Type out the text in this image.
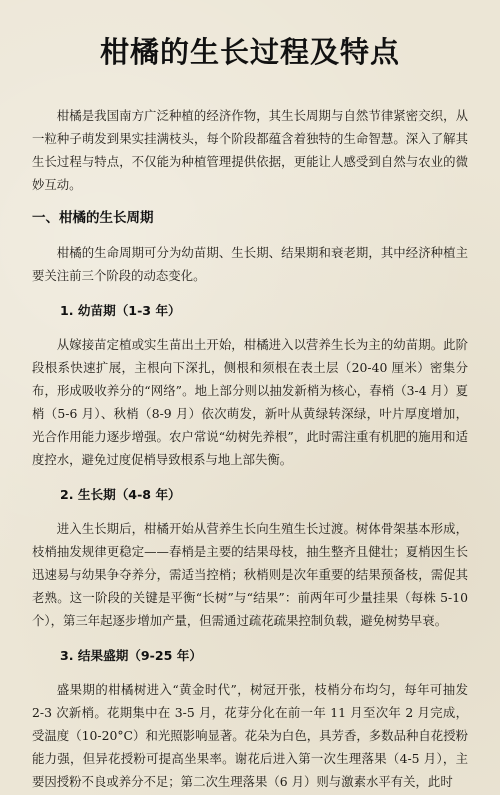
柑橘的生长过程及特点

柑橘是我国南方广泛种植的经济作物，其生长周期与自然节律紧密交织，从一粒种子萌发到果实挂满枝头，每个阶段都蕴含着独特的生命智慧。深入了解其生长过程与特点，不仅能为种植管理提供依据，更能让人感受到自然与农业的微妙互动。

一、柑橘的生长周期

柑橘的生命周期可分为幼苗期、生长期、结果期和衰老期，其中经济种植主要关注前三个阶段的动态变化。

1. 幼苗期（1-3 年）

从嫁接苗定植或实生苗出土开始，柑橘进入以营养生长为主的幼苗期。此阶段根系快速扩展，主根向下深扎，侧根和须根在表土层（20-40 厘米）密集分布，形成吸收养分的“网络”。地上部分则以抽发新梢为核心，春梢（3-4 月）夏梢（5-6 月）、秋梢（8-9 月）依次萌发，新叶从黄绿转深绿，叶片厚度增加，光合作用能力逐步增强。农户常说“幼树先养根”，此时需注重有机肥的施用和适度控水，避免过度促梢导致根系与地上部失衡。

2. 生长期（4-8 年）

进入生长期后，柑橘开始从营养生长向生殖生长过渡。树体骨架基本形成，枝梢抽发规律更稳定——春梢是主要的结果母枝，抽生整齐且健壮；夏梢因生长迅速易与幼果争夺养分，需适当控梢；秋梢则是次年重要的结果预备枝，需促其老熟。这一阶段的关键是平衡“长树”与“结果”：前两年可少量挂果（每株 5-10 个），第三年起逐步增加产量，但需通过疏花疏果控制负载，避免树势早衰。

3. 结果盛期（9-25 年）

盛果期的柑橘树进入“黄金时代”，树冠开张，枝梢分布均匀，每年可抽发 2-3 次新梢。花期集中在 3-5 月，花芽分化在前一年 11 月至次年 2 月完成，受温度（10-20°C）和光照影响显著。花朵为白色，具芳香，多数品种自花授粉能力强，但异花授粉可提高坐果率。谢花后进入第一次生理落果（4-5 月），主要因授粉不良或养分不足；第二次生理落果（6 月）则与激素水平有关，此时
